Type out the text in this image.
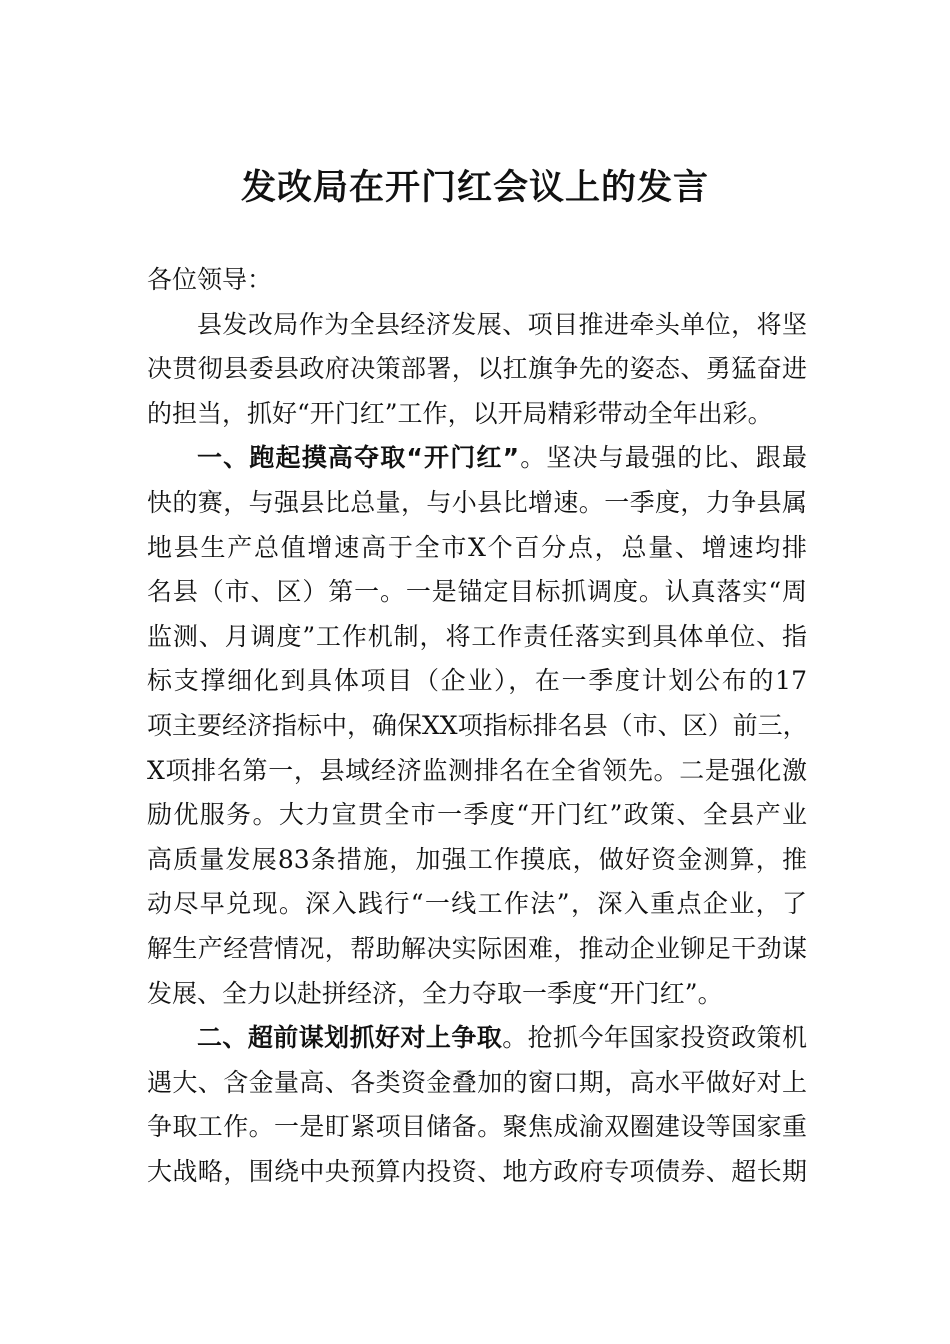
发改局在开门红会议上的发言
各位领导：
县发改局作为全县经济发展、项目推进牵头单位，将坚
决贯彻县委县政府决策部署，以扛旗争先的姿态、勇猛奋进
的担当，抓好“开门红”工作，以开局精彩带动全年出彩。
一、跑起摸高夺取“开门红”。坚决与最强的比、跟最
快的赛，与强县比总量，与小县比增速。一季度，力争县属
地县生产总值增速高于全市X个百分点，总量、增速均排
名县（市、区）第一。一是锚定目标抓调度。认真落实“周
监测、月调度”工作机制，将工作责任落实到具体单位、指
标支撑细化到具体项目（企业），在一季度计划公布的17
项主要经济指标中，确保XX项指标排名县（市、区）前三，
X项排名第一，县域经济监测排名在全省领先。二是强化激
励优服务。大力宣贯全市一季度“开门红”政策、全县产业
高质量发展83条措施，加强工作摸底，做好资金测算，推
动尽早兑现。深入践行“一线工作法”，深入重点企业，了
解生产经营情况，帮助解决实际困难，推动企业铆足干劲谋
发展、全力以赴拼经济，全力夺取一季度“开门红”。
二、超前谋划抓好对上争取。抢抓今年国家投资政策机
遇大、含金量高、各类资金叠加的窗口期，高水平做好对上
争取工作。一是盯紧项目储备。聚焦成渝双圈建设等国家重
大战略，围绕中央预算内投资、地方政府专项债券、超长期
